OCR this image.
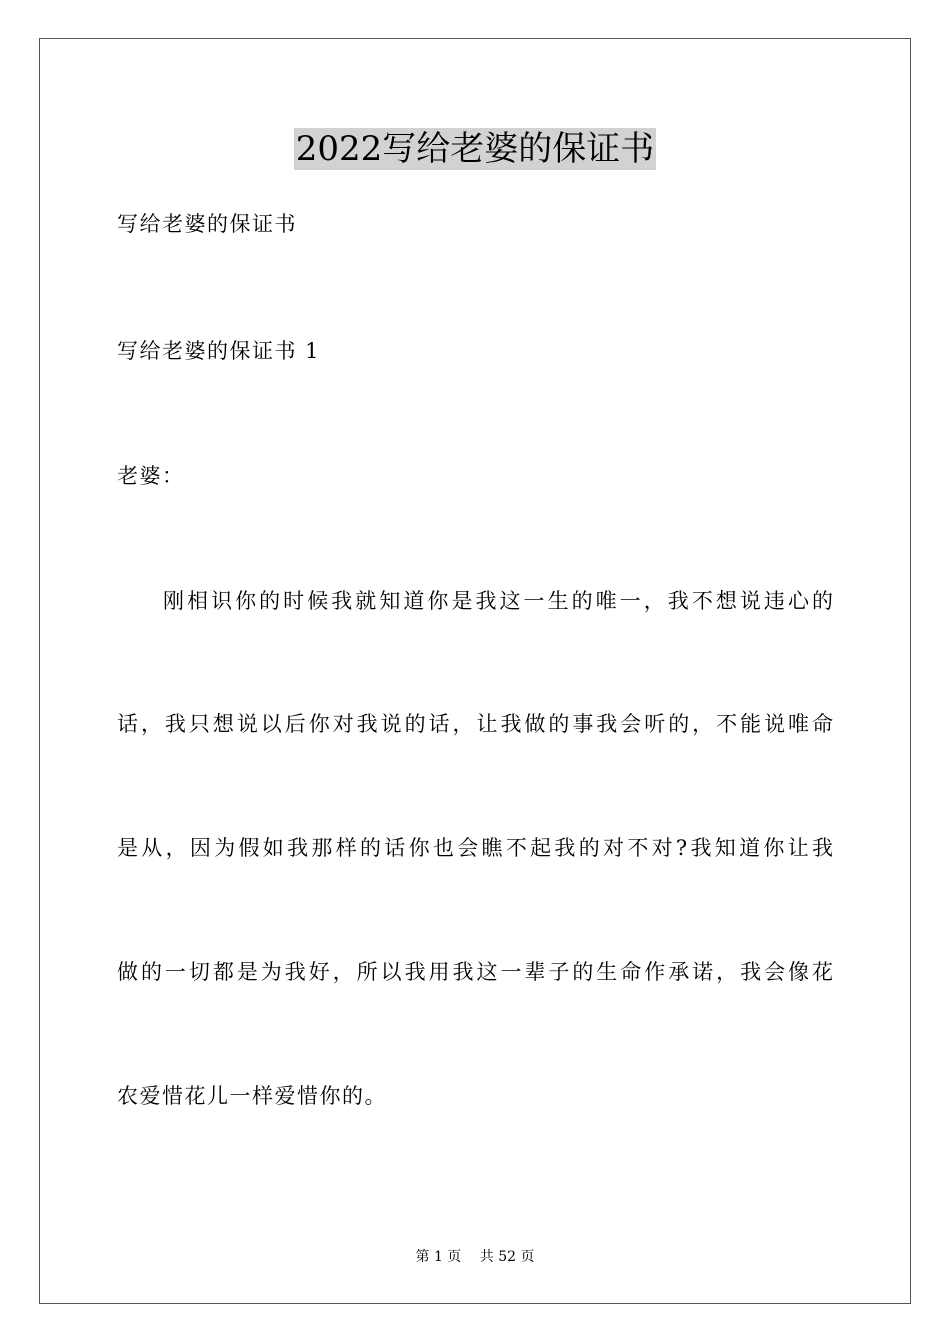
2022写给老婆的保证书
写给老婆的保证书
写给老婆的保证书 1
老婆：
刚相识你的时候我就知道你是我这一生的唯一，我不想说违心的
话，我只想说以后你对我说的话，让我做的事我会听的，不能说唯命
是从，因为假如我那样的话你也会瞧不起我的对不对?我知道你让我
做的一切都是为我好，所以我用我这一辈子的生命作承诺，我会像花
农爱惜花儿一样爱惜你的。
第 1 页 共 52 页
